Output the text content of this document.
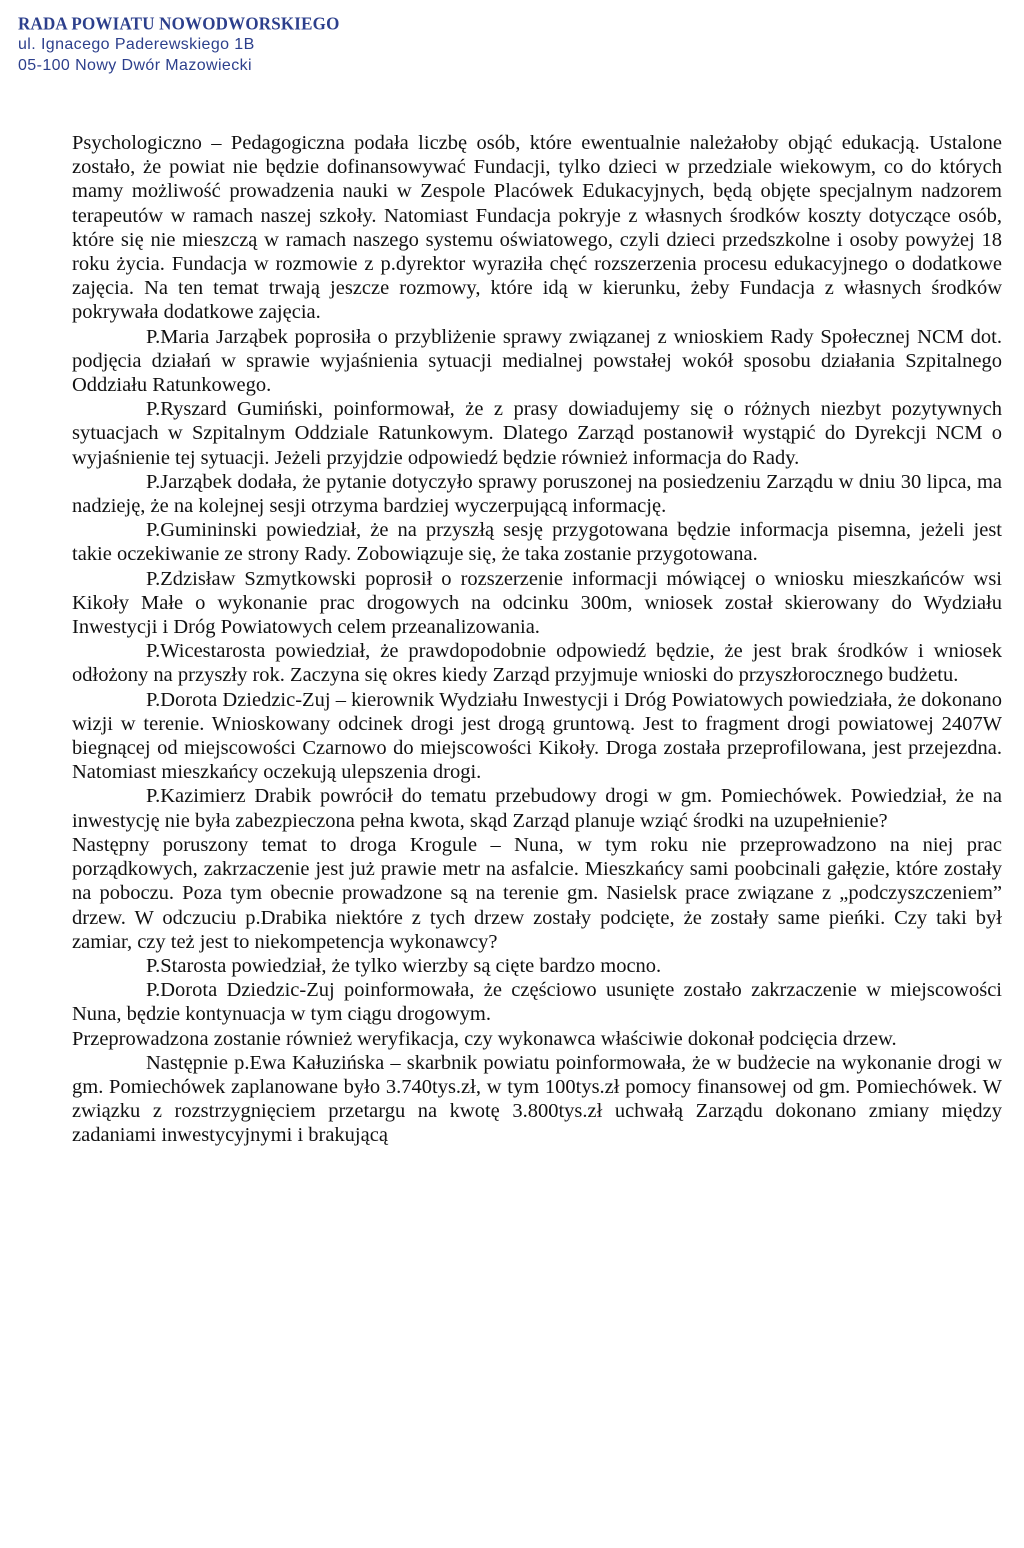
RADA POWIATU NOWODWORSKIEGO
ul. Ignacego Paderewskiego 1B
05-100 Nowy Dwór Mazowiecki

Psychologiczno – Pedagogiczna podała liczbę osób, które ewentualnie należałoby objąć edukacją. Ustalone zostało, że powiat nie będzie dofinansowywać Fundacji, tylko dzieci w przedziale wiekowym, co do których mamy możliwość prowadzenia nauki w Zespole Placówek Edukacyjnych, będą objęte specjalnym nadzorem terapeutów w ramach naszej szkoły. Natomiast Fundacja pokryje z własnych środków koszty dotyczące osób, które się nie mieszczą w ramach naszego systemu oświatowego, czyli dzieci przedszkolne i osoby powyżej 18 roku życia. Fundacja w rozmowie z p.dyrektor wyraziła chęć rozszerzenia procesu edukacyjnego o dodatkowe zajęcia. Na ten temat trwają jeszcze rozmowy, które idą w kierunku, żeby Fundacja z własnych środków pokrywała dodatkowe zajęcia.

P.Maria Jarząbek poprosiła o przybliżenie sprawy związanej z wnioskiem Rady Społecznej NCM dot. podjęcia działań w sprawie wyjaśnienia sytuacji medialnej powstałej wokół sposobu działania Szpitalnego Oddziału Ratunkowego.

P.Ryszard Gumiński, poinformował, że z prasy dowiadujemy się o różnych niezbyt pozytywnych sytuacjach w Szpitalnym Oddziale Ratunkowym. Dlatego Zarząd postanowił wystąpić do Dyrekcji NCM o wyjaśnienie tej sytuacji. Jeżeli przyjdzie odpowiedź będzie również informacja do Rady.

P.Jarząbek dodała, że pytanie dotyczyło sprawy poruszonej na posiedzeniu Zarządu w dniu 30 lipca, ma nadzieję, że na kolejnej sesji otrzyma bardziej wyczerpującą informację.

P.Gumininski powiedział, że na przyszłą sesję przygotowana będzie informacja pisemna, jeżeli jest takie oczekiwanie ze strony Rady. Zobowiązuje się, że taka zostanie przygotowana.

P.Zdzisław Szmytkowski poprosił o rozszerzenie informacji mówiącej o wniosku mieszkańców wsi Kikoły Małe o wykonanie prac drogowych na odcinku 300m, wniosek został skierowany do Wydziału Inwestycji i Dróg Powiatowych celem przeanalizowania.

P.Wicestarosta powiedział, że prawdopodobnie odpowiedź będzie, że jest brak środków i wniosek odłożony na przyszły rok. Zaczyna się okres kiedy Zarząd przyjmuje wnioski do przyszłorocznego budżetu.

P.Dorota Dziedzic-Zuj – kierownik Wydziału Inwestycji i Dróg Powiatowych powiedziała, że dokonano wizji w terenie. Wnioskowany odcinek drogi jest drogą gruntową. Jest to fragment drogi powiatowej 2407W biegnącej od miejscowości Czarnowo do miejscowości Kikoły. Droga została przeprofilowana, jest przejezdna. Natomiast mieszkańcy oczekują ulepszenia drogi.

P.Kazimierz Drabik powrócił do tematu przebudowy drogi w gm. Pomiechówek. Powiedział, że na inwestycję nie była zabezpieczona pełna kwota, skąd Zarząd planuje wziąć środki na uzupełnienie?

Następny poruszony temat to droga Krogule – Nuna, w tym roku nie przeprowadzono na niej prac porządkowych, zakrzaczenie jest już prawie metr na asfalcie. Mieszkańcy sami poobcinali gałęzie, które zostały na poboczu. Poza tym obecnie prowadzone są na terenie gm. Nasielsk prace związane z „podczyszczeniem” drzew. W odczuciu p.Drabika niektóre z tych drzew zostały podcięte, że zostały same pieńki. Czy taki był zamiar, czy też jest to niekompetencja wykonawcy?

P.Starosta powiedział, że tylko wierzby są cięte bardzo mocno.

P.Dorota Dziedzic-Zuj poinformowała, że częściowo usunięte zostało zakrzaczenie w miejscowości Nuna, będzie kontynuacja w tym ciągu drogowym.

Przeprowadzona zostanie również weryfikacja, czy wykonawca właściwie dokonał podcięcia drzew.

Następnie p.Ewa Kałuzińska – skarbnik powiatu poinformowała, że w budżecie na wykonanie drogi w gm. Pomiechówek zaplanowane było 3.740tys.zł, w tym 100tys.zł pomocy finansowej od gm. Pomiechówek. W związku z rozstrzygnięciem przetargu na kwotę 3.800tys.zł uchwałą Zarządu dokonano zmiany między zadaniami inwestycyjnymi i brakującą
